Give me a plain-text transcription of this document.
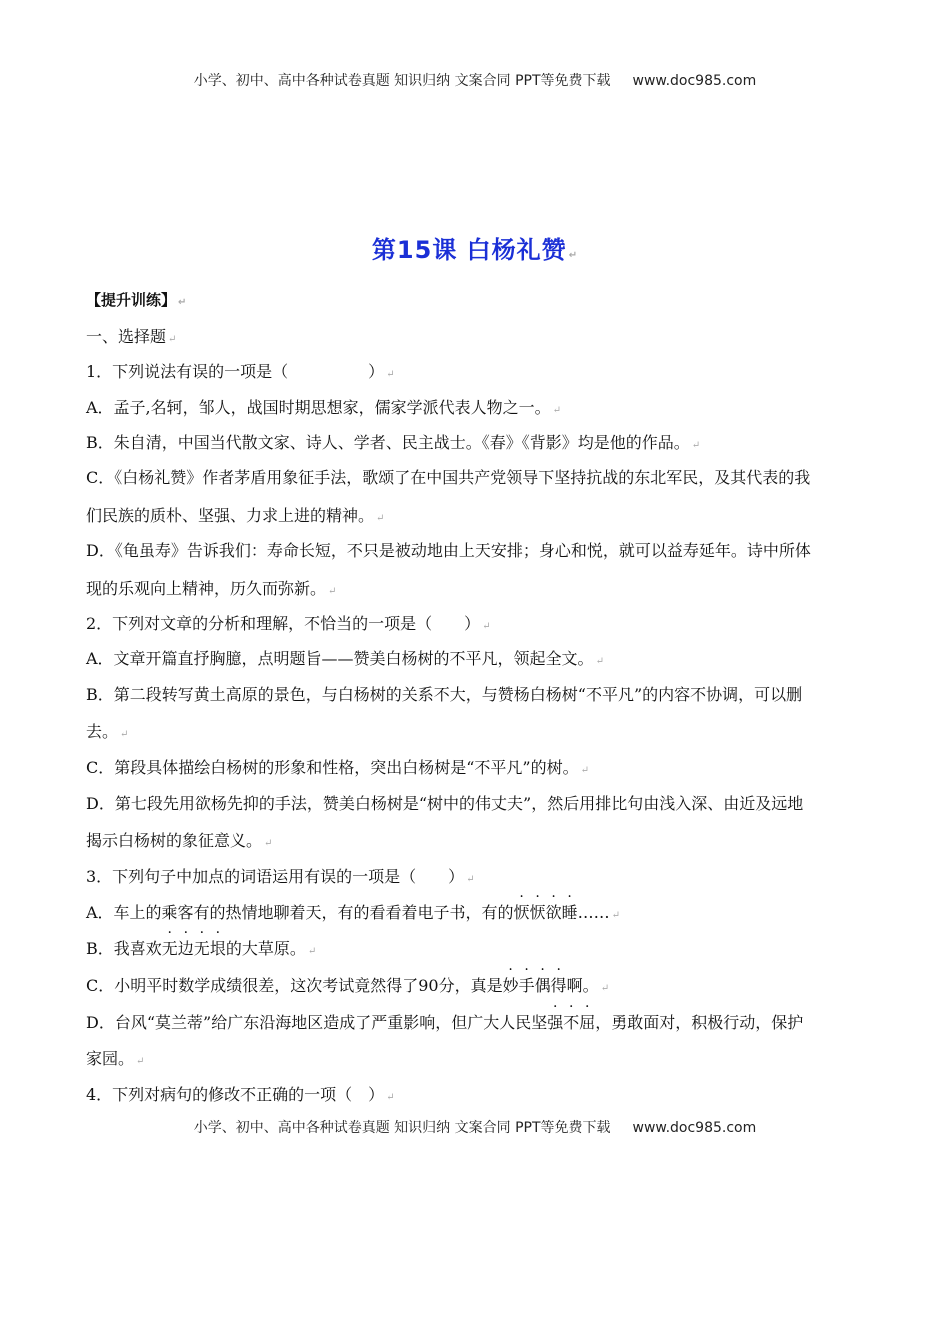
小学、初中、高中各种试卷真题 知识归纳 文案合同 PPT等免费下载 www.doc985.com
第15课 白杨礼赞 ↵
【提升训练】 ↵
一、选择题 ↵
1．下列说法有误的一项是（　　　　　） ↵
A．孟子,名轲，邹人，战国时期思想家，儒家学派代表人物之一。 ↵
B．朱自清，中国当代散文家、诗人、学者、民主战士。《春》《背影》均是他的作品。 ↵
C．《白杨礼赞》作者茅盾用象征手法，歌颂了在中国共产党领导下坚持抗战的东北军民，及其代表的我
们民族的质朴、坚强、力求上进的精神。 ↵
D．《龟虽寿》告诉我们：寿命长短，不只是被动地由上天安排；身心和悦，就可以益寿延年。诗中所体
现的乐观向上精神，历久而弥新。 ↵
2．下列对文章的分析和理解，不恰当的一项是（　　） ↵
A．文章开篇直抒胸臆，点明题旨——赞美白杨树的不平凡，领起全文。 ↵
B．第二段转写黄土高原的景色，与白杨树的关系不大，与赞杨白杨树“不平凡”的内容不协调，可以删
去。 ↵
C．第段具体描绘白杨树的形象和性格，突出白杨树是“不平凡”的树。 ↵
D．第七段先用欲杨先抑的手法，赞美白杨树是“树中的伟丈夫”，然后用排比句由浅入深、由近及远地
揭示白杨树的象征意义。 ↵
3．下列句子中加点的词语运用有误的一项是（　　） ↵
A．车上的乘客有的热情地聊着天，有的看看着电子书，有的恹恹欲睡…… ↵
B．我喜欢无边无垠的大草原。 ↵
C．小明平时数学成绩很差，这次考试竟然得了90分，真是妙手偶得啊。 ↵
D．台风“莫兰蒂”给广东沿海地区造成了严重影响，但广大人民坚强不屈，勇敢面对，积极行动，保护
家园。 ↵
4．下列对病句的修改不正确的一项（　） ↵
小学、初中、高中各种试卷真题 知识归纳 文案合同 PPT等免费下载 www.doc985.com
